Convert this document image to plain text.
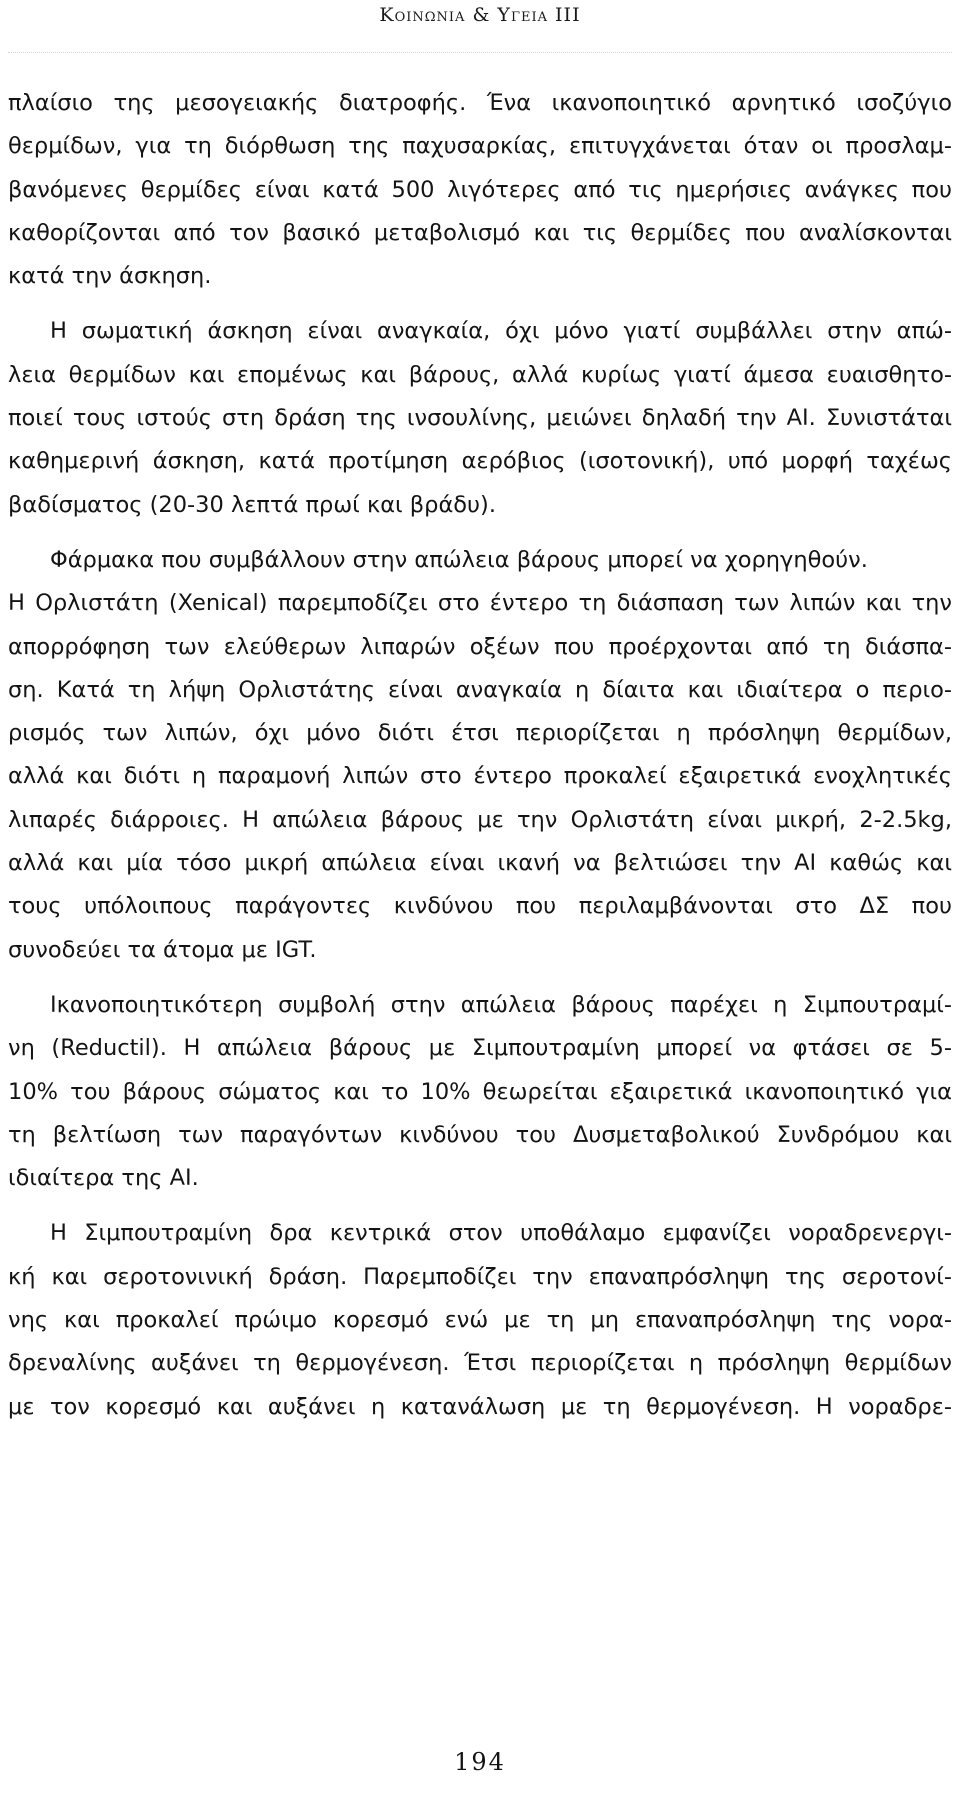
Κοινωνια & Υγεια ΙΙΙ

πλαίσιο της μεσογειακής διατροφής. Ένα ικανοποιητικό αρνητικό ισοζύγιο
θερμίδων, για τη διόρθωση της παχυσαρκίας, επιτυγχάνεται όταν οι προσλαμ-
βανόμενες θερμίδες είναι κατά 500 λιγότερες από τις ημερήσιες ανάγκες που
καθορίζονται από τον βασικό μεταβολισμό και τις θερμίδες που αναλίσκονται
κατά την άσκηση.

Η σωματική άσκηση είναι αναγκαία, όχι μόνο γιατί συμβάλλει στην απώ-
λεια θερμίδων και επομένως και βάρους, αλλά κυρίως γιατί άμεσα ευαισθητο-
ποιεί τους ιστούς στη δράση της ινσουλίνης, μειώνει δηλαδή την ΑΙ. Συνιστάται
καθημερινή άσκηση, κατά προτίμηση αερόβιος (ισοτονική), υπό μορφή ταχέως
βαδίσματος (20-30 λεπτά πρωί και βράδυ).

Φάρμακα που συμβάλλουν στην απώλεια βάρους μπορεί να χορηγηθούν.
Η Ορλιστάτη (Xenical) παρεμποδίζει στο έντερο τη διάσπαση των λιπών και την
απορρόφηση των ελεύθερων λιπαρών οξέων που προέρχονται από τη διάσπα-
ση. Κατά τη λήψη Ορλιστάτης είναι αναγκαία η δίαιτα και ιδιαίτερα ο περιο-
ρισμός των λιπών, όχι μόνο διότι έτσι περιορίζεται η πρόσληψη θερμίδων,
αλλά και διότι η παραμονή λιπών στο έντερο προκαλεί εξαιρετικά ενοχλητικές
λιπαρές διάρροιες. Η απώλεια βάρους με την Ορλιστάτη είναι μικρή, 2-2.5kg,
αλλά και μία τόσο μικρή απώλεια είναι ικανή να βελτιώσει την ΑΙ καθώς και
τους υπόλοιπους παράγοντες κινδύνου που περιλαμβάνονται στο ΔΣ που
συνοδεύει τα άτομα με IGT.

Ικανοποιητικότερη συμβολή στην απώλεια βάρους παρέχει η Σιμπουτραμί-
νη (Reductil). Η απώλεια βάρους με Σιμπουτραμίνη μπορεί να φτάσει σε 5-
10% του βάρους σώματος και το 10% θεωρείται εξαιρετικά ικανοποιητικό για
τη βελτίωση των παραγόντων κινδύνου του Δυσμεταβολικού Συνδρόμου και
ιδιαίτερα της ΑΙ.

Η Σιμπουτραμίνη δρα κεντρικά στον υποθάλαμο εμφανίζει νοραδρενεργι-
κή και σεροτονινική δράση. Παρεμποδίζει την επαναπρόσληψη της σεροτονί-
νης και προκαλεί πρώιμο κορεσμό ενώ με τη μη επαναπρόσληψη της νορα-
δρεναλίνης αυξάνει τη θερμογένεση. Έτσι περιορίζεται η πρόσληψη θερμίδων
με τον κορεσμό και αυξάνει η κατανάλωση με τη θερμογένεση. Η νοραδρε-

194
